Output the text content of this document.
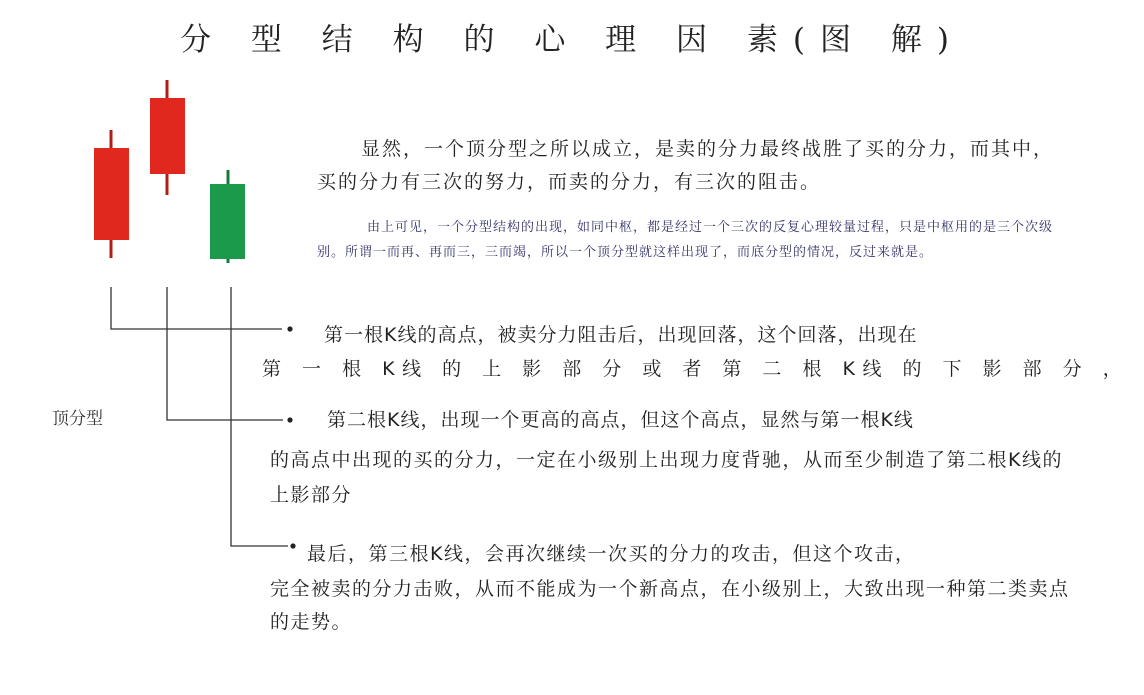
分 型 结 构 的 心 理 因 素(图 解)
顶分型
显然，一个顶分型之所以成立，是卖的分力最终战胜了买的分力，而其中，买的分力有三次的努力，而卖的分力，有三次的阻击。
由上可见，一个分型结构的出现，如同中枢，都是经过一个三次的反复心理较量过程，只是中枢用的是三个次级别。所谓一而再、再而三，三而竭，所以一个顶分型就这样出现了，而底分型的情况，反过来就是。
第一根K线的高点，被卖分力阻击后，出现回落，这个回落，出现在
第 一 根 K线 的 上 影 部 分 或 者 第 二 根 K线 的 下 影 部 分 ，
第二根K线，出现一个更高的高点，但这个高点，显然与第一根K线
的高点中出现的买的分力，一定在小级别上出现力度背驰，从而至少制造了第二根K线的上影部分
最后，第三根K线，会再次继续一次买的分力的攻击，但这个攻击，
完全被卖的分力击败，从而不能成为一个新高点，在小级别上，大致出现一种第二类卖点的走势。
